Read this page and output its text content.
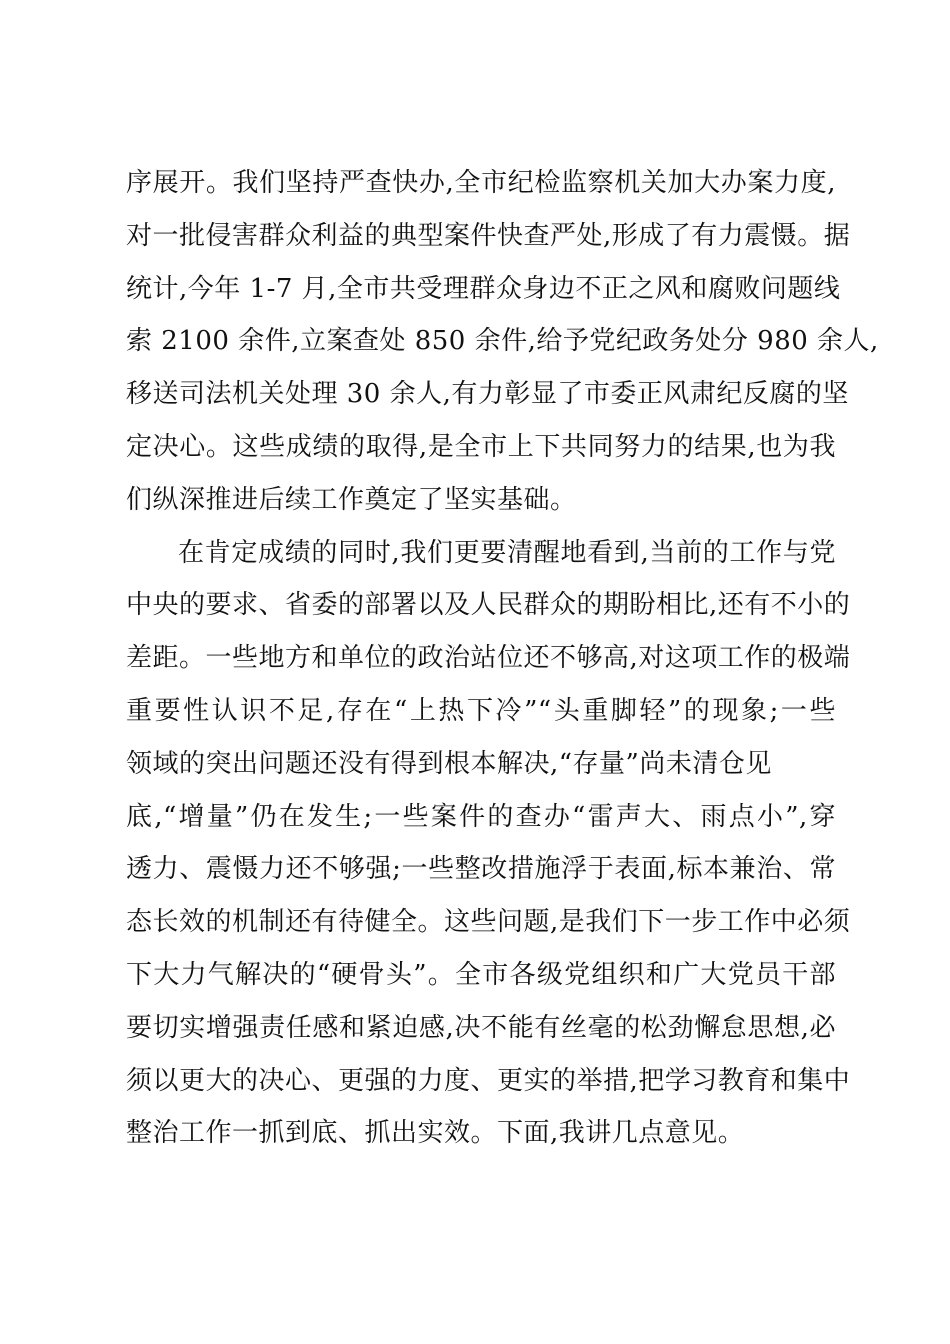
序展开。我们坚持严查快办,全市纪检监察机关加大办案力度,
对一批侵害群众利益的典型案件快查严处,形成了有力震慑。据
统计,今年 1-7 月,全市共受理群众身边不正之风和腐败问题线
索 2100 余件,立案查处 850 余件,给予党纪政务处分 980 余人,
移送司法机关处理 30 余人,有力彰显了市委正风肃纪反腐的坚
定决心。这些成绩的取得,是全市上下共同努力的结果,也为我
们纵深推进后续工作奠定了坚实基础。
在肯定成绩的同时,我们更要清醒地看到,当前的工作与党
中央的要求、省委的部署以及人民群众的期盼相比,还有不小的
差距。一些地方和单位的政治站位还不够高,对这项工作的极端
重要性认识不足,存在“上热下冷”“头重脚轻”的现象;一些
领域的突出问题还没有得到根本解决,“存量”尚未清仓见
底,“增量”仍在发生;一些案件的查办“雷声大、雨点小”,穿
透力、震慑力还不够强;一些整改措施浮于表面,标本兼治、常
态长效的机制还有待健全。这些问题,是我们下一步工作中必须
下大力气解决的“硬骨头”。全市各级党组织和广大党员干部
要切实增强责任感和紧迫感,决不能有丝毫的松劲懈怠思想,必
须以更大的决心、更强的力度、更实的举措,把学习教育和集中
整治工作一抓到底、抓出实效。下面,我讲几点意见。
